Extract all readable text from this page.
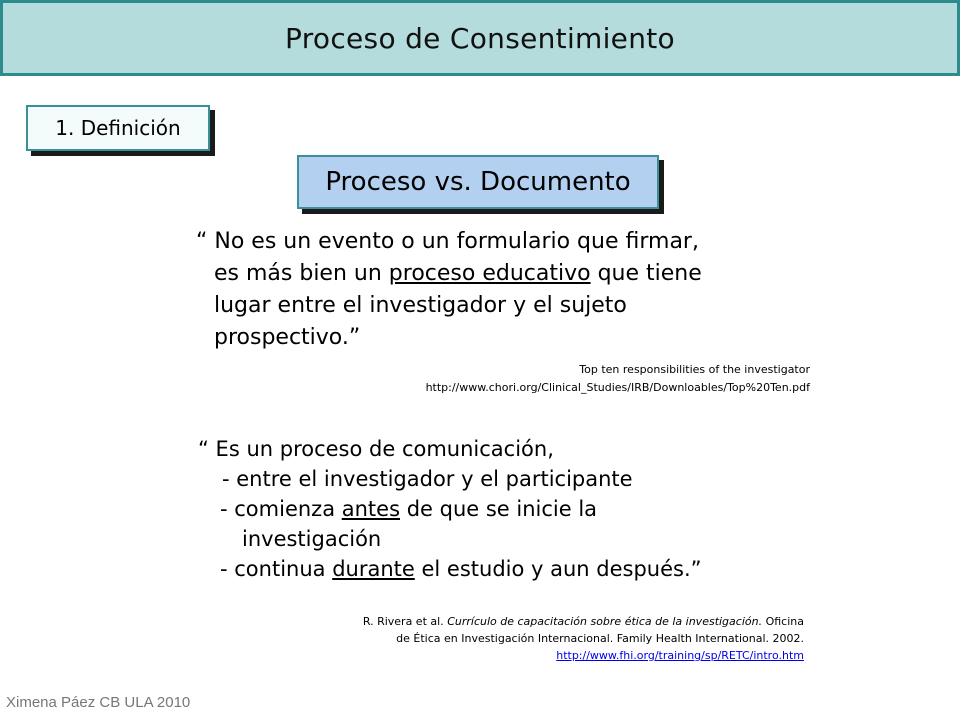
Proceso de Consentimiento
1. Definición
Proceso vs. Documento
“ No es un evento o un formulario que firmar,
es más bien un proceso educativo que tiene
lugar entre el investigador y el sujeto
prospectivo.”
Top ten responsibilities of the investigator
http://www.chori.org/Clinical_Studies/IRB/Downloables/Top%20Ten.pdf
“ Es un proceso de comunicación,
- entre el investigador y el participante
- comienza antes de que se inicie la
investigación
- continua durante el estudio y aun después.”
R. Rivera et al. Currículo de capacitación sobre ética de la investigación. Oficina
de Ética en Investigación Internacional. Family Health International. 2002.
http://www.fhi.org/training/sp/RETC/intro.htm
Ximena Páez CB ULA 2010
